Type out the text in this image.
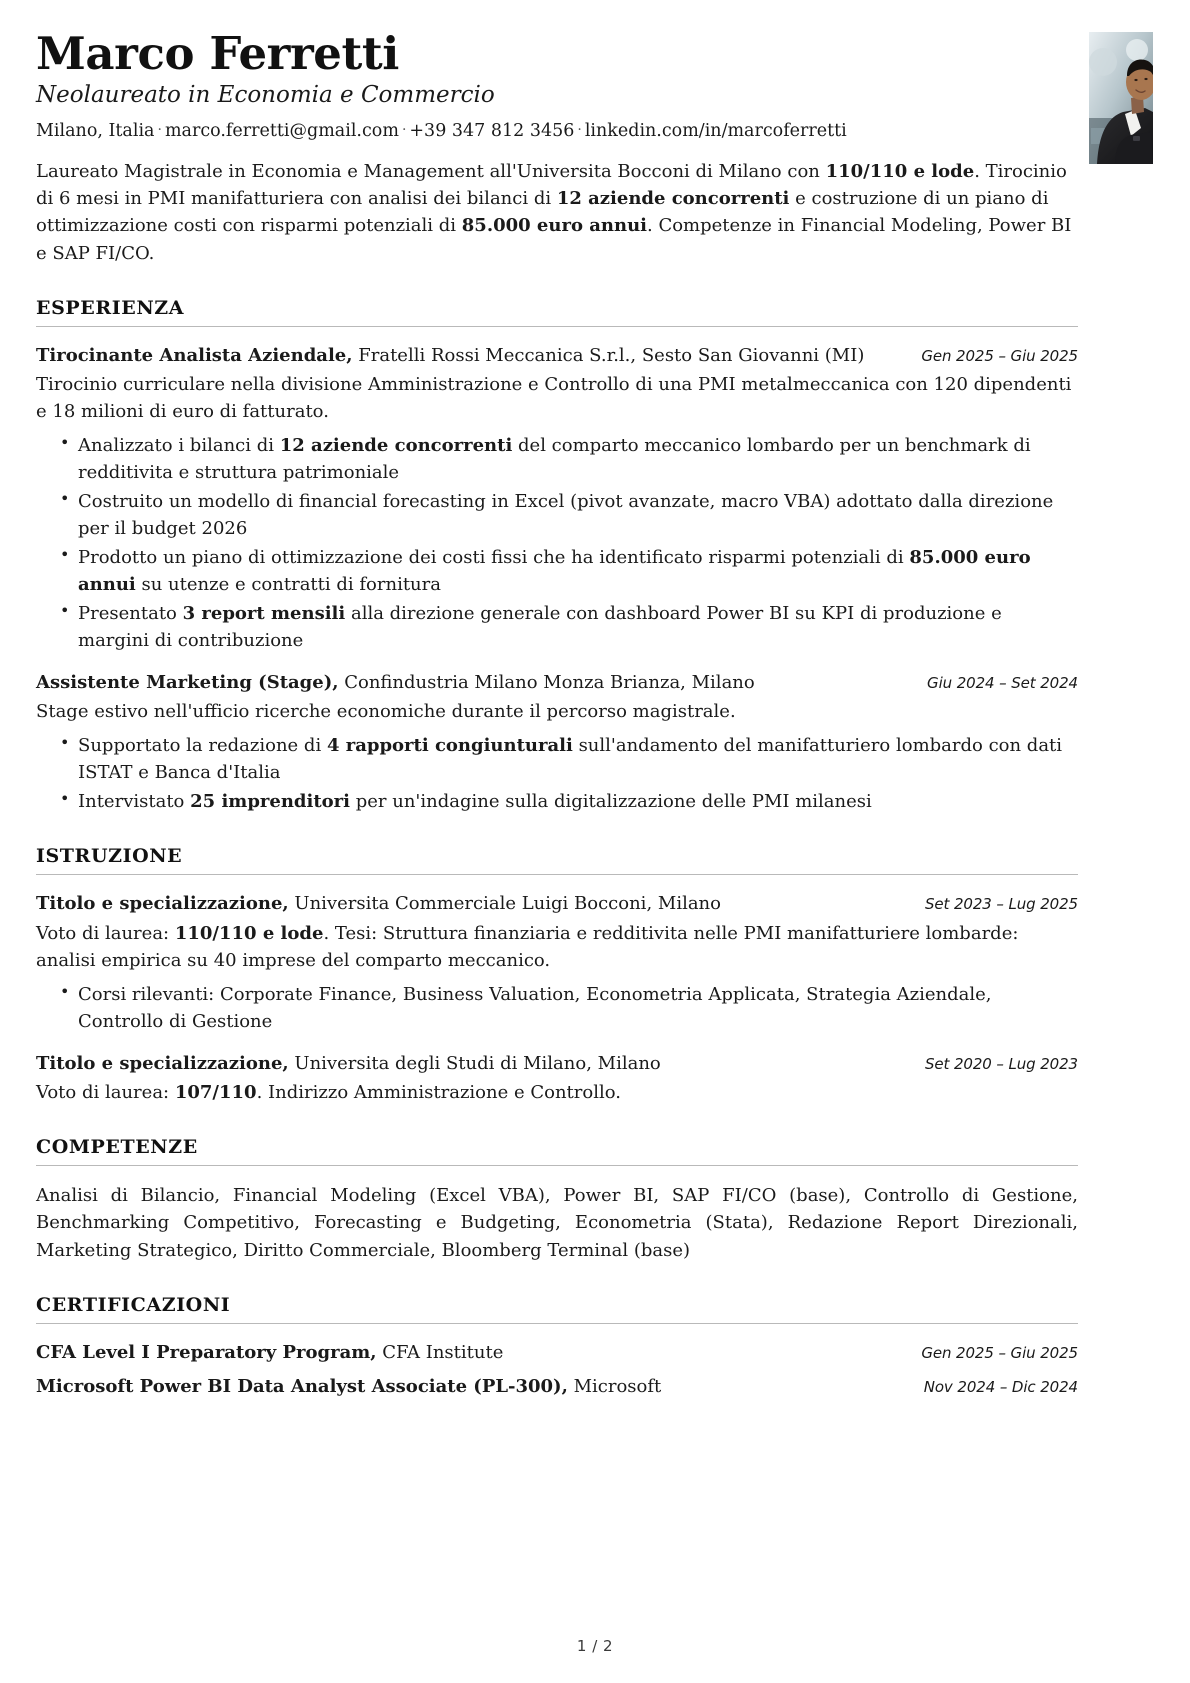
Marco Ferretti
Neolaureato in Economia e Commercio
Milano, Italia · marco.ferretti@gmail.com · +39 347 812 3456 · linkedin.com/in/marcoferretti
Laureato Magistrale in Economia e Management all'Universita Bocconi di Milano con 110/110 e lode. Tirocinio di 6 mesi in PMI manifatturiera con analisi dei bilanci di 12 aziende concorrenti e costruzione di un piano di ottimizzazione costi con risparmi potenziali di 85.000 euro annui. Competenze in Financial Modeling, Power BI e SAP FI/CO.
ESPERIENZA
Tirocinante Analista Aziendale, Fratelli Rossi Meccanica S.r.l., Sesto San Giovanni (MI)	Gen 2025 – Giu 2025
Tirocinio curriculare nella divisione Amministrazione e Controllo di una PMI metalmeccanica con 120 dipendenti e 18 milioni di euro di fatturato.
• Analizzato i bilanci di 12 aziende concorrenti del comparto meccanico lombardo per un benchmark di redditivita e struttura patrimoniale
• Costruito un modello di financial forecasting in Excel (pivot avanzate, macro VBA) adottato dalla direzione per il budget 2026
• Prodotto un piano di ottimizzazione dei costi fissi che ha identificato risparmi potenziali di 85.000 euro annui su utenze e contratti di fornitura
• Presentato 3 report mensili alla direzione generale con dashboard Power BI su KPI di produzione e margini di contribuzione
Assistente Marketing (Stage), Confindustria Milano Monza Brianza, Milano	Giu 2024 – Set 2024
Stage estivo nell'ufficio ricerche economiche durante il percorso magistrale.
• Supportato la redazione di 4 rapporti congiunturali sull'andamento del manifatturiero lombardo con dati ISTAT e Banca d'Italia
• Intervistato 25 imprenditori per un'indagine sulla digitalizzazione delle PMI milanesi
ISTRUZIONE
Titolo e specializzazione, Universita Commerciale Luigi Bocconi, Milano	Set 2023 – Lug 2025
Voto di laurea: 110/110 e lode. Tesi: Struttura finanziaria e redditivita nelle PMI manifatturiere lombarde: analisi empirica su 40 imprese del comparto meccanico.
• Corsi rilevanti: Corporate Finance, Business Valuation, Econometria Applicata, Strategia Aziendale, Controllo di Gestione
Titolo e specializzazione, Universita degli Studi di Milano, Milano	Set 2020 – Lug 2023
Voto di laurea: 107/110. Indirizzo Amministrazione e Controllo.
COMPETENZE
Analisi di Bilancio, Financial Modeling (Excel VBA), Power BI, SAP FI/CO (base), Controllo di Gestione, Benchmarking Competitivo, Forecasting e Budgeting, Econometria (Stata), Redazione Report Direzionali, Marketing Strategico, Diritto Commerciale, Bloomberg Terminal (base)
CERTIFICAZIONI
CFA Level I Preparatory Program, CFA Institute	Gen 2025 – Giu 2025
Microsoft Power BI Data Analyst Associate (PL-300), Microsoft	Nov 2024 – Dic 2024
1 / 2
